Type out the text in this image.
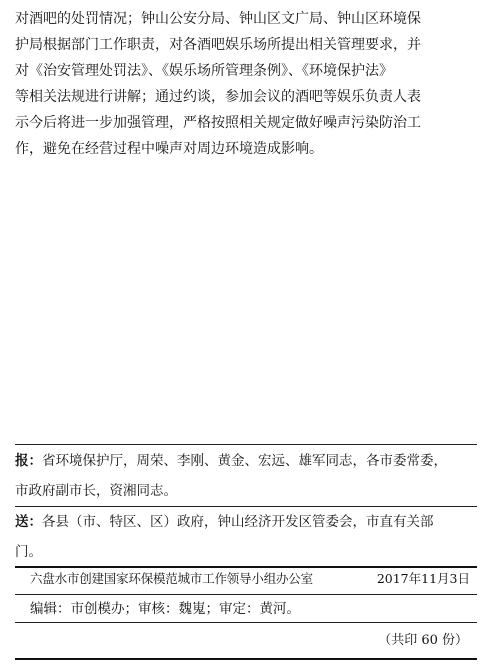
对酒吧的处罚情况；钟山公安分局、钟山区文广局、钟山区环境保
护局根据部门工作职责，对各酒吧娱乐场所提出相关管理要求，并
对《治安管理处罚法》、《娱乐场所管理条例》、《环境保护法》
等相关法规进行讲解；通过约谈，参加会议的酒吧等娱乐负责人表
示今后将进一步加强管理，严格按照相关规定做好噪声污染防治工
作，避免在经营过程中噪声对周边环境造成影响。
报：省环境保护厅，周荣、李刚、黄金、宏远、雄军同志，各市委常委，
市政府副市长，资湘同志。
送：各县（市、特区、区）政府，钟山经济开发区管委会，市直有关部
门。
六盘水市创建国家环保模范城市工作领导小组办公室	2017年11月3日
编辑：市创模办；审核：魏嵬；审定：黄河。
（共印 60 份）
